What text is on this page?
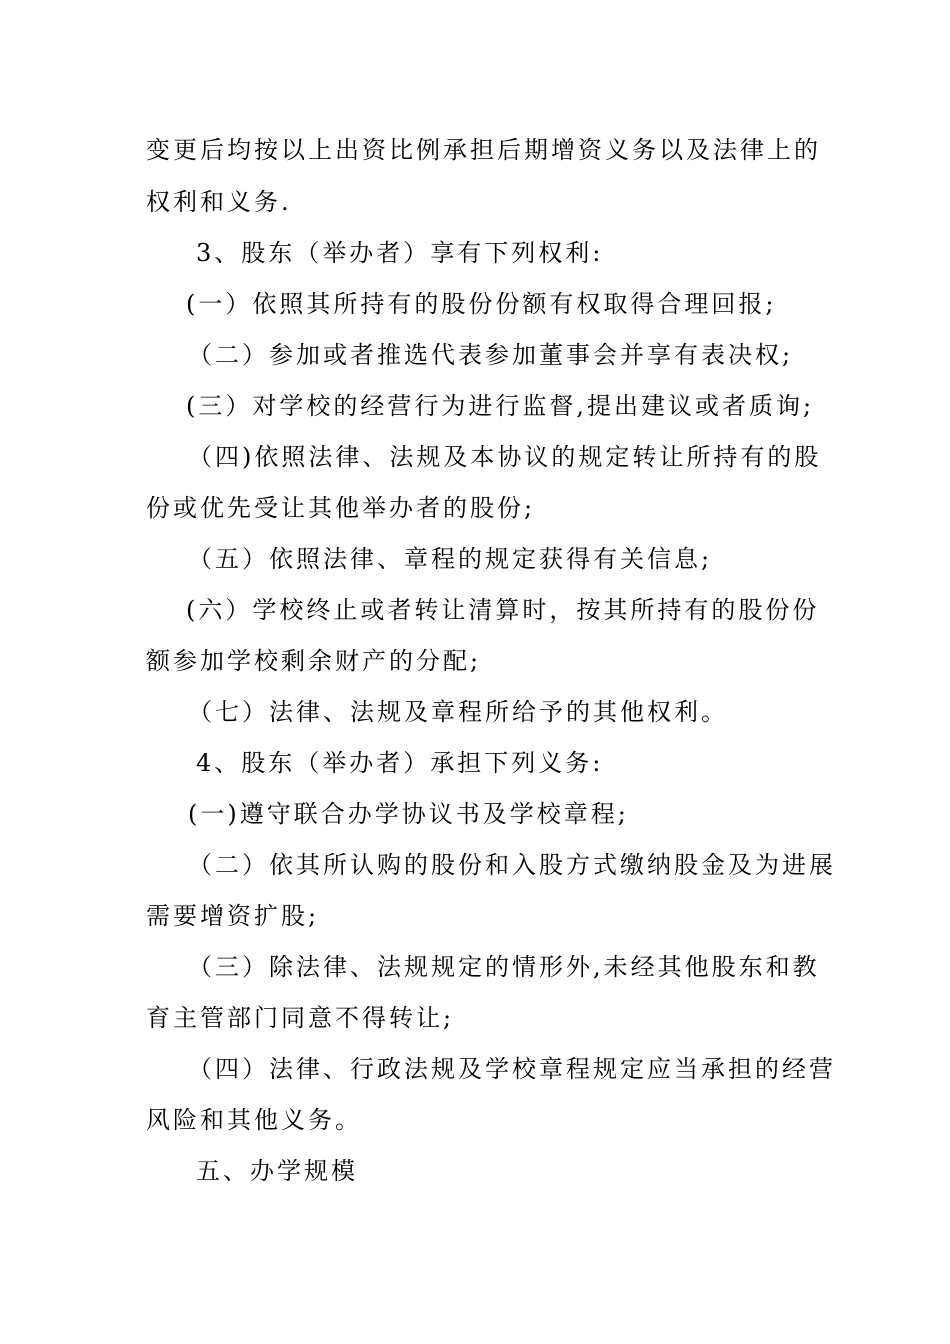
变更后均按以上出资比例承担后期增资义务以及法律上的
权利和义务.
3、股东（举办者）享有下列权利:
(一）依照其所持有的股份份额有权取得合理回报;
（二）参加或者推选代表参加董事会并享有表决权;
(三）对学校的经营行为进行监督,提出建议或者质询;
（四)依照法律、法规及本协议的规定转让所持有的股
份或优先受让其他举办者的股份;
（五）依照法律、章程的规定获得有关信息;
(六）学校终止或者转让清算时，按其所持有的股份份
额参加学校剩余财产的分配;
（七）法律、法规及章程所给予的其他权利。
4、股东（举办者）承担下列义务:
(一)遵守联合办学协议书及学校章程;
（二）依其所认购的股份和入股方式缴纳股金及为进展
需要增资扩股;
（三）除法律、法规规定的情形外,未经其他股东和教
育主管部门同意不得转让;
（四）法律、行政法规及学校章程规定应当承担的经营
风险和其他义务。
五、办学规模
